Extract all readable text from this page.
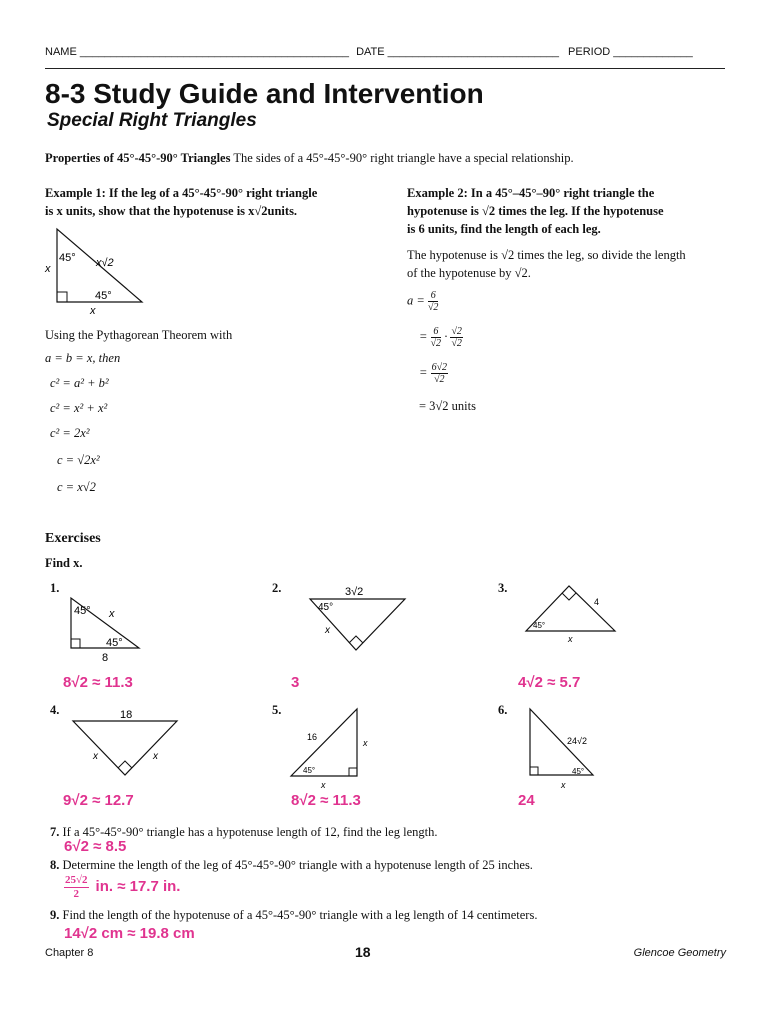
NAME ____________________________________________ DATE ____________________________ PERIOD _____________
8-3 Study Guide and Intervention
Special Right Triangles
Properties of 45°-45°-90° Triangles The sides of a 45°-45°-90° right triangle have a special relationship.
Example 1: If the leg of a 45°-45°-90° right triangle
is x units, show that the hypotenuse is x√2units.
45°
x	x√2
45°
x
Using the Pythagorean Theorem with
a = b = x, then
c² = a² + b²
c² = x² + x²
c² = 2x²
c = √2x²
c = x√2
Example 2: In a 45°–45°–90° right triangle the
hypotenuse is √2 times the leg. If the hypotenuse
is 6 units, find the length of each leg.
The hypotenuse is √2 times the leg, so divide the length
of the hypotenuse by √2.
$a = \frac{6}{√2}$
= $\frac{6}{√2} \cdot \frac{√2}{√2}$
= $\frac{6√2}{√2}$
= 3√2 units
Exercises
Find x.
1.
45° x
45°
8
8√2 ≈ 11.3
2.	3√2
45°
x
3
3.
4
45°
x
4√2 ≈ 5.7
4.	18
x	x
9√2 ≈ 12.7
5.
16
x
45°
x
8√2 ≈ 11.3
6.
24√2
45°
x
24
7. If a 45°-45°-90° triangle has a hypotenuse length of 12, find the leg length.
6√2 ≈ 8.5
8. Determine the length of the leg of 45°-45°-90° triangle with a hypotenuse length of 25 inches.
$\frac{25√2}{2}$ in. ≈ 17.7 in.
9. Find the length of the hypotenuse of a 45°-45°-90° triangle with a leg length of 14 centimeters.
14√2 cm ≈ 19.8 cm
Chapter 8	18	Glencoe Geometry
